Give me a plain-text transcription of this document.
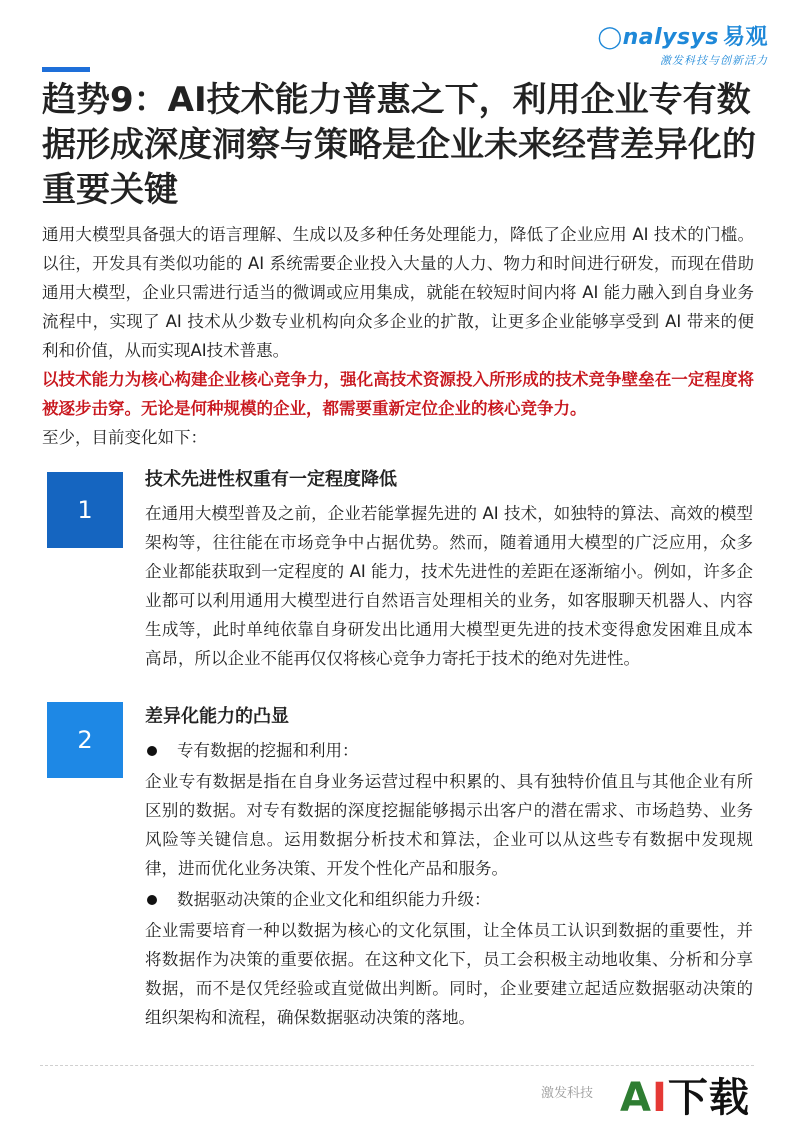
◯nalysys 易观
激发科技与创新活力
趋势9：AI技术能力普惠之下，利用企业专有数据形成深度洞察与策略是企业未来经营差异化的重要关键

通用大模型具备强大的语言理解、生成以及多种任务处理能力，降低了企业应用 AI 技术的门槛。以往，开发具有类似功能的 AI 系统需要企业投入大量的人力、物力和时间进行研发，而现在借助通用大模型，企业只需进行适当的微调或应用集成，就能在较短时间内将 AI 能力融入到自身业务流程中，实现了 AI 技术从少数专业机构向众多企业的扩散，让更多企业能够享受到 AI 带来的便利和价值，从而实现AI技术普惠。

以技术能力为核心构建企业核心竞争力，强化高技术资源投入所形成的技术竞争壁垒在一定程度将被逐步击穿。无论是何种规模的企业，都需要重新定位企业的核心竞争力。

至少，目前变化如下：

1
技术先进性权重有一定程度降低

在通用大模型普及之前，企业若能掌握先进的 AI 技术，如独特的算法、高效的模型架构等，往往能在市场竞争中占据优势。然而，随着通用大模型的广泛应用，众多企业都能获取到一定程度的 AI 能力，技术先进性的差距在逐渐缩小。例如，许多企业都可以利用通用大模型进行自然语言处理相关的业务，如客服聊天机器人、内容生成等，此时单纯依靠自身研发出比通用大模型更先进的技术变得愈发困难且成本高昂，所以企业不能再仅仅将核心竞争力寄托于技术的绝对先进性。

2
差异化能力的凸显
专有数据的挖掘和利用：

企业专有数据是指在自身业务运营过程中积累的、具有独特价值且与其他企业有所区别的数据。对专有数据的深度挖掘能够揭示出客户的潜在需求、市场趋势、业务风险等关键信息。运用数据分析技术和算法，企业可以从这些专有数据中发现规律，进而优化业务决策、开发个性化产品和服务。

数据驱动决策的企业文化和组织能力升级：

企业需要培育一种以数据为核心的文化氛围，让全体员工认识到数据的重要性，并将数据作为决策的重要依据。在这种文化下，员工会积极主动地收集、分析和分享数据，而不是仅凭经验或直觉做出判断。同时，企业要建立起适应数据驱动决策的组织架构和流程，确保数据驱动决策的落地。

激发科技 AI下载
